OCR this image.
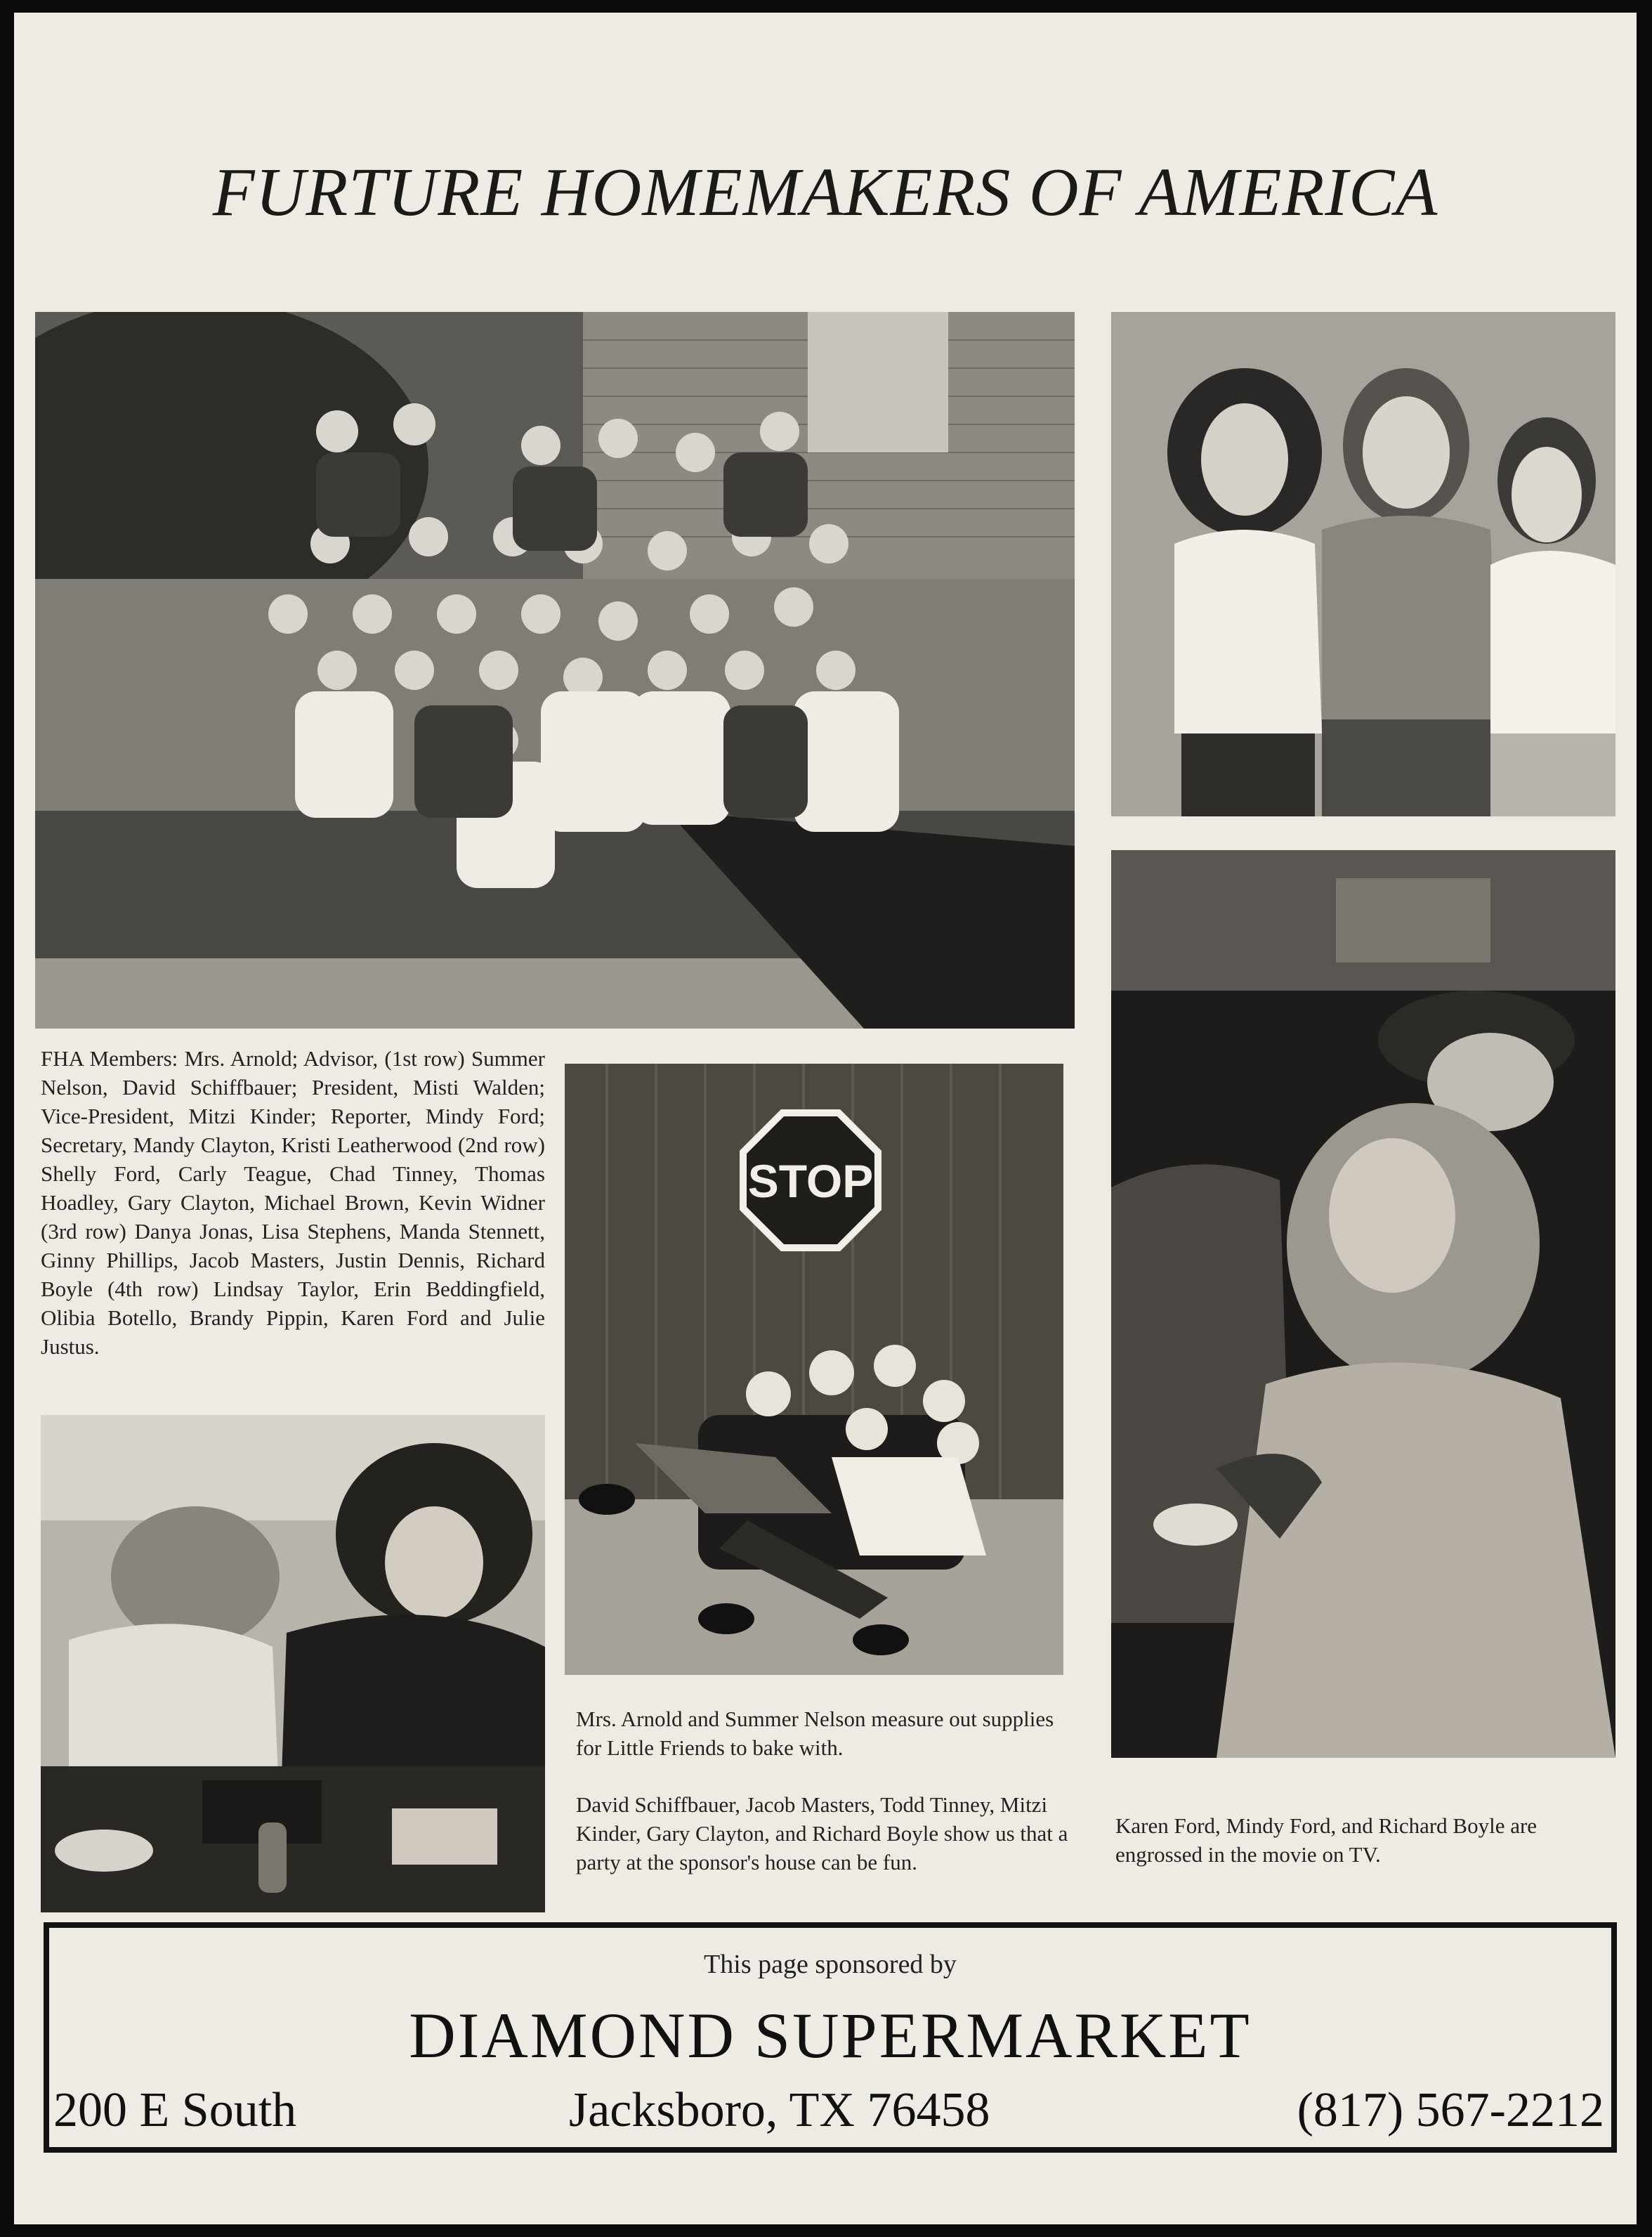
FURTURE HOMEMAKERS OF AMERICA
STOP

FHA Members: Mrs. Arnold; Advisor, (1st row) Summer Nelson, David Schiffbauer; President, Misti Walden; Vice-President, Mitzi Kinder; Reporter, Mindy Ford; Secretary, Mandy Clayton, Kristi Leatherwood (2nd row) Shelly Ford, Carly Teague, Chad Tinney, Thomas Hoadley, Gary Clayton, Michael Brown, Kevin Widner (3rd row) Danya Jonas, Lisa Stephens, Manda Stennett, Ginny Phillips, Jacob Masters, Justin Dennis, Richard Boyle (4th row) Lindsay Taylor, Erin Beddingfield, Olibia Botello, Brandy Pippin, Karen Ford and Julie Justus.

Mrs. Arnold and Summer Nelson measure out supplies for Little Friends to bake with.

David Schiffbauer, Jacob Masters, Todd Tinney, Mitzi Kinder, Gary Clayton, and Richard Boyle show us that a party at the sponsor's house can be fun.

Karen Ford, Mindy Ford, and Richard Boyle are engrossed in the movie on TV.

This page sponsored by
DIAMOND SUPERMARKET
200 E South	Jacksboro, TX 76458	(817) 567-2212
